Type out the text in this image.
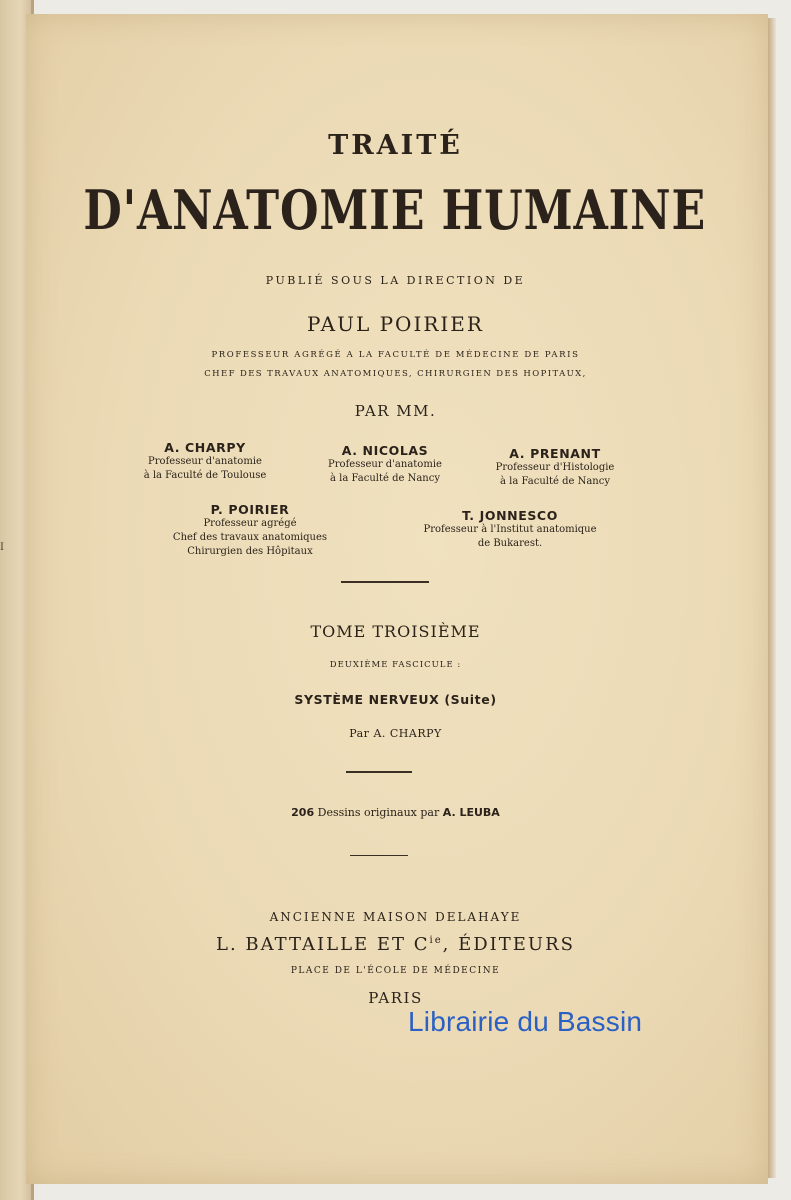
I
TRAITÉ
D'ANATOMIE HUMAINE
PUBLIÉ SOUS LA DIRECTION DE
PAUL POIRIER
PROFESSEUR AGRÉGÉ A LA FACULTÉ DE MÉDECINE DE PARIS
CHEF DES TRAVAUX ANATOMIQUES, CHIRURGIEN DES HOPITAUX,
PAR MM.
A. CHARPY
Professeur d'anatomie
à la Faculté de Toulouse
A. NICOLAS
Professeur d'anatomie
à la Faculté de Nancy
A. PRENANT
Professeur d'Histologie
à la Faculté de Nancy
P. POIRIER
Professeur agrégé
Chef des travaux anatomiques
Chirurgien des Hôpitaux
T. JONNESCO
Professeur à l'Institut anatomique
de Bukarest.
TOME TROISIÈME
DEUXIÈME FASCICULE :
SYSTÈME NERVEUX (Suite)
Par A. CHARPY
206 Dessins originaux par A. LEUBA
ANCIENNE MAISON DELAHAYE
L. BATTAILLE ET $C^{ie}$, ÉDITEURS
PLACE DE L'ÉCOLE DE MÉDECINE
PARIS
Librairie du Bassin
